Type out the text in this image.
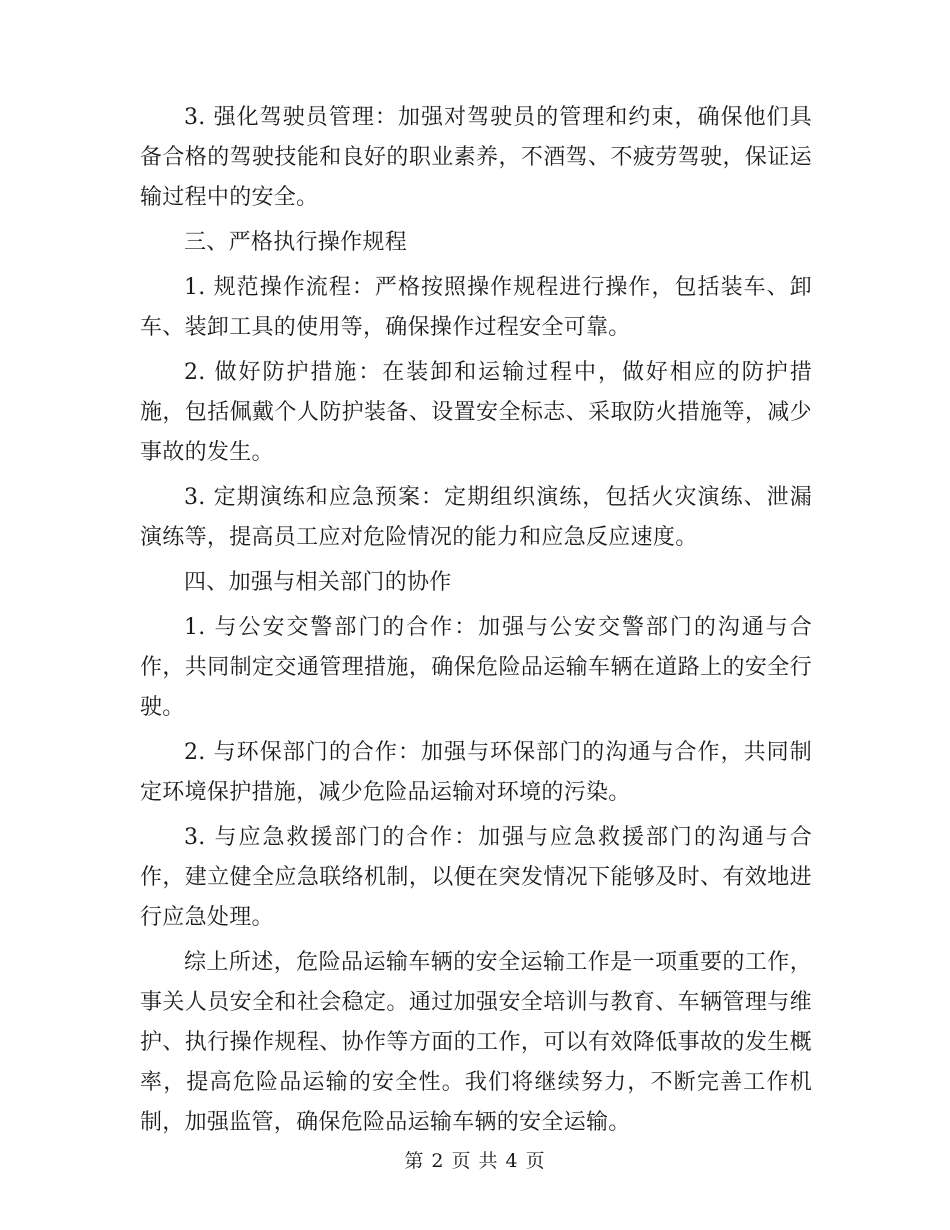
3. 强化驾驶员管理：加强对驾驶员的管理和约束，确保他们具备合格的驾驶技能和良好的职业素养，不酒驾、不疲劳驾驶，保证运输过程中的安全。

三、严格执行操作规程

1. 规范操作流程：严格按照操作规程进行操作，包括装车、卸车、装卸工具的使用等，确保操作过程安全可靠。

2. 做好防护措施：在装卸和运输过程中，做好相应的防护措施，包括佩戴个人防护装备、设置安全标志、采取防火措施等，减少事故的发生。

3. 定期演练和应急预案：定期组织演练，包括火灾演练、泄漏演练等，提高员工应对危险情况的能力和应急反应速度。

四、加强与相关部门的协作

1. 与公安交警部门的合作：加强与公安交警部门的沟通与合作，共同制定交通管理措施，确保危险品运输车辆在道路上的安全行驶。

2. 与环保部门的合作：加强与环保部门的沟通与合作，共同制定环境保护措施，减少危险品运输对环境的污染。

3. 与应急救援部门的合作：加强与应急救援部门的沟通与合作，建立健全应急联络机制，以便在突发情况下能够及时、有效地进行应急处理。

综上所述，危险品运输车辆的安全运输工作是一项重要的工作，事关人员安全和社会稳定。通过加强安全培训与教育、车辆管理与维护、执行操作规程、协作等方面的工作，可以有效降低事故的发生概率，提高危险品运输的安全性。我们将继续努力，不断完善工作机制，加强监管，确保危险品运输车辆的安全运输。

第 2 页 共 4 页
